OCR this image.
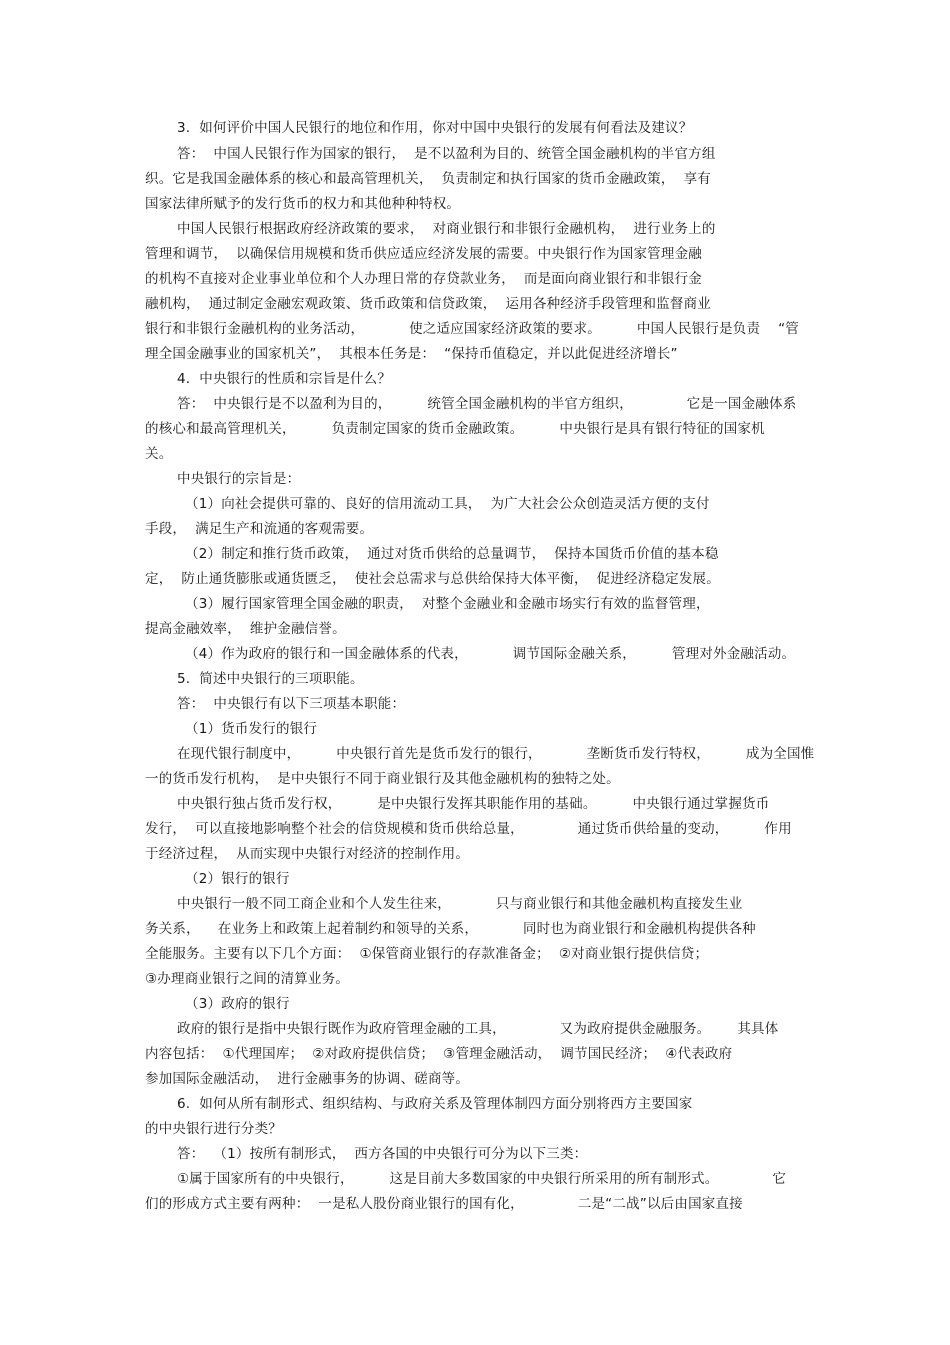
3.  如何评价中国人民银行的地位和作用，你对中国中央银行的发展有何看法及建议？
答：  中国人民银行作为国家的银行，  是不以盈利为目的、统管全国金融机构的半官方组
织。它是我国金融体系的核心和最高管理机关，  负责制定和执行国家的货币金融政策，  享有
国家法律所赋予的发行货币的权力和其他种种特权。
中国人民银行根据政府经济政策的要求，  对商业银行和非银行金融机构，  进行业务上的
管理和调节，  以确保信用规模和货币供应适应经济发展的需要。中央银行作为国家管理金融
的机构不直接对企业事业单位和个人办理日常的存贷款业务，  而是面向商业银行和非银行金
融机构，  通过制定金融宏观政策、货币政策和信贷政策，  运用各种经济手段管理和监督商业
银行和非银行金融机构的业务活动，          使之适应国家经济政策的要求。        中国人民银行是负责    “管
理全国金融事业的国家机关”，  其根本任务是：  “保持币值稳定，并以此促进经济增长”
4.  中央银行的性质和宗旨是什么？
答：  中央银行是不以盈利为目的，        统管全国金融机构的半官方组织，            它是一国金融体系
的核心和最高管理机关，        负责制定国家的货币金融政策。        中央银行是具有银行特征的国家机
关。
中央银行的宗旨是：
（1）向社会提供可靠的、良好的信用流动工具，  为广大社会公众创造灵活方便的支付
手段，  满足生产和流通的客观需要。
（2）制定和推行货币政策，  通过对货币供给的总量调节，  保持本国货币价值的基本稳
定，  防止通货膨胀或通货匮乏，  使社会总需求与总供给保持大体平衡，  促进经济稳定发展。
（3）履行国家管理全国金融的职责，  对整个金融业和金融市场实行有效的监督管理，
提高金融效率，  维护金融信誉。
（4）作为政府的银行和一国金融体系的代表，          调节国际金融关系，        管理对外金融活动。
5.  简述中央银行的三项职能。
答：  中央银行有以下三项基本职能：
（1）货币发行的银行
在现代银行制度中，        中央银行首先是货币发行的银行，          垄断货币发行特权，        成为全国惟
一的货币发行机构，  是中央银行不同于商业银行及其他金融机构的独特之处。
中央银行独占货币发行权，        是中央银行发挥其职能作用的基础。        中央银行通过掌握货币
发行，  可以直接地影响整个社会的信贷规模和货币供给总量，            通过货币供给量的变动，        作用
于经济过程，  从而实现中央银行对经济的控制作用。
（2）银行的银行
中央银行一般不同工商企业和个人发生往来，          只与商业银行和其他金融机构直接发生业
务关系，    在业务上和政策上起着制约和领导的关系，          同时也为商业银行和金融机构提供各种
全能服务。主要有以下几个方面：  ①保管商业银行的存款准备金；  ②对商业银行提供信贷；
③办理商业银行之间的清算业务。
（3）政府的银行
政府的银行是指中央银行既作为政府管理金融的工具，            又为政府提供金融服务。      其具体
内容包括：  ①代理国库；  ②对政府提供信贷；  ③管理金融活动，  调节国民经济；  ④代表政府
参加国际金融活动，  进行金融事务的协调、磋商等。
6.  如何从所有制形式、组织结构、与政府关系及管理体制四方面分别将西方主要国家
的中央银行进行分类？
答：  （1）按所有制形式，  西方各国的中央银行可分为以下三类：
①属于国家所有的中央银行，        这是目前大多数国家的中央银行所采用的所有制形式。            它
们的形成方式主要有两种：  一是私人股份商业银行的国有化，            二是“二战”以后由国家直接
